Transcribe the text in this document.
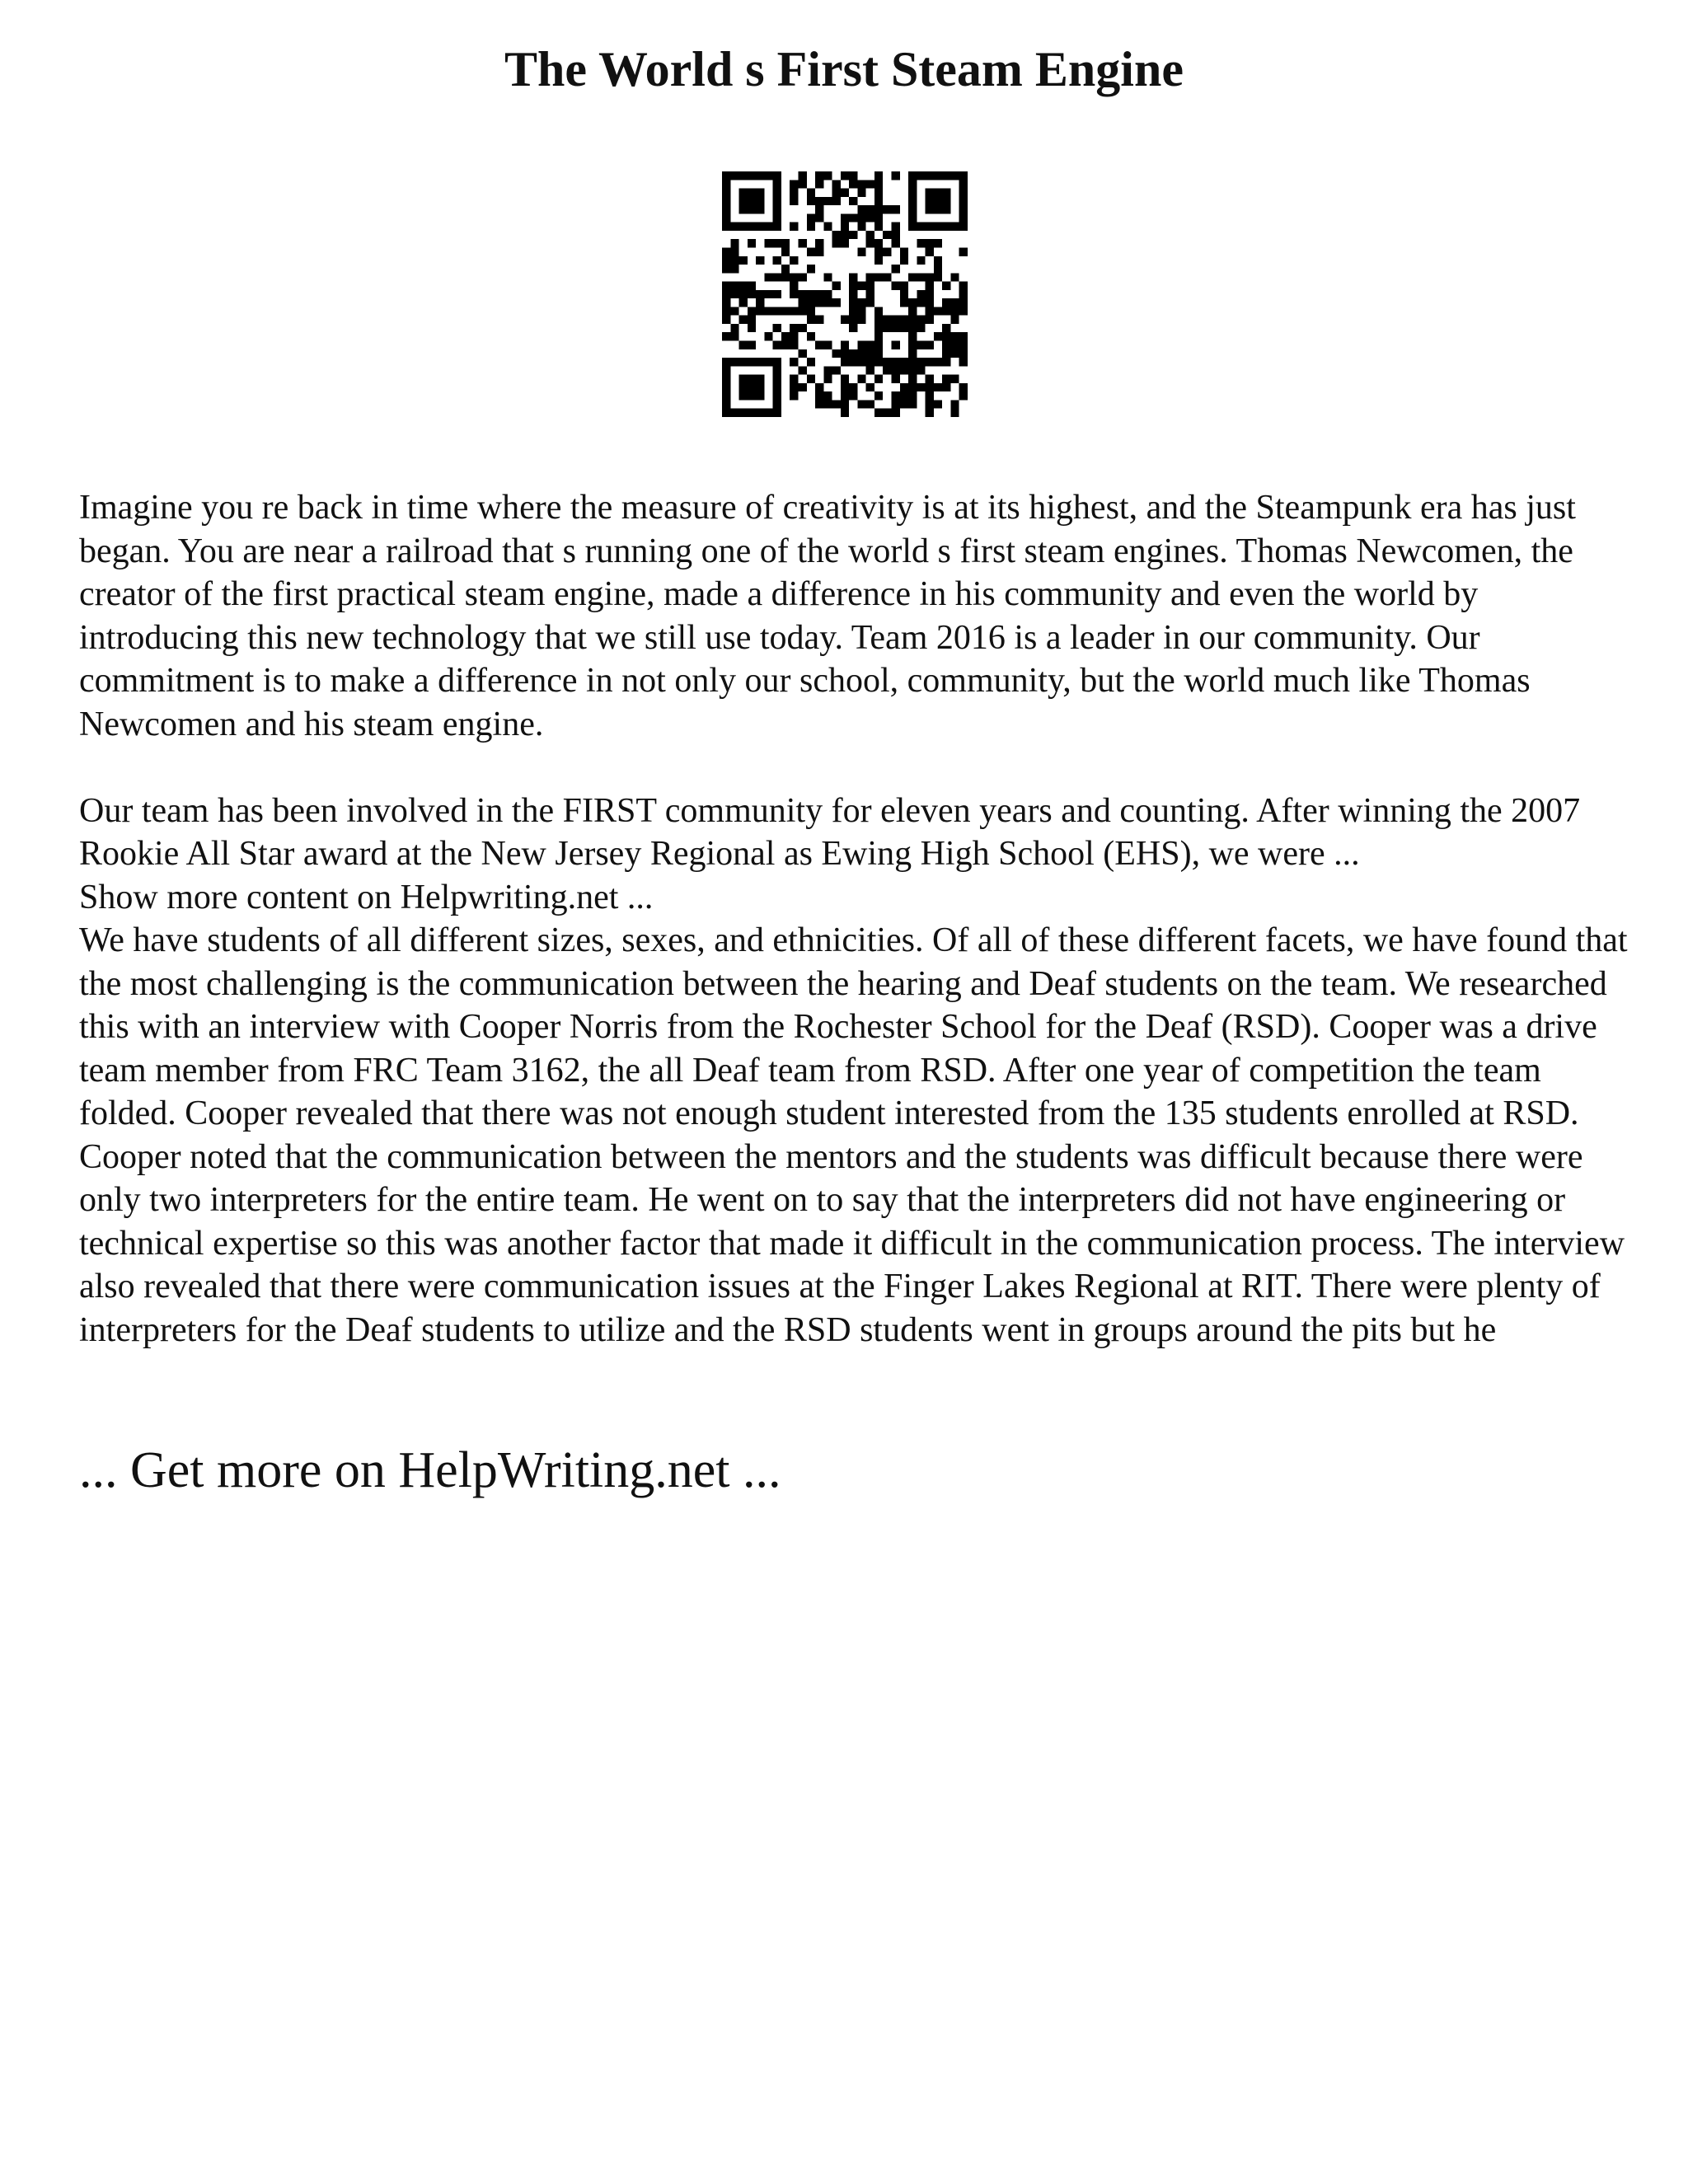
The World s First Steam Engine

Imagine you re back in time where the measure of creativity is at its highest, and the Steampunk era has just began. You are near a railroad that s running one of the world s first steam engines. Thomas Newcomen, the creator of the first practical steam engine, made a difference in his community and even the world by introducing this new technology that we still use today. Team 2016 is a leader in our community. Our commitment is to make a difference in not only our school, community, but the world much like Thomas Newcomen and his steam engine.

Our team has been involved in the FIRST community for eleven years and counting. After winning the 2007 Rookie All Star award at the New Jersey Regional as Ewing High School (EHS), we were ...

Show more content on Helpwriting.net ...

We have students of all different sizes, sexes, and ethnicities. Of all of these different facets, we have found that the most challenging is the communication between the hearing and Deaf students on the team. We researched this with an interview with Cooper Norris from the Rochester School for the Deaf (RSD). Cooper was a drive team member from FRC Team 3162, the all Deaf team from RSD. After one year of competition the team folded. Cooper revealed that there was not enough student interested from the 135 students enrolled at RSD. Cooper noted that the communication between the mentors and the students was difficult because there were only two interpreters for the entire team. He went on to say that the interpreters did not have engineering or technical expertise so this was another factor that made it difficult in the communication process. The interview also revealed that there were communication issues at the Finger Lakes Regional at RIT. There were plenty of interpreters for the Deaf students to utilize and the RSD students went in groups around the pits but he

... Get more on HelpWriting.net ...
